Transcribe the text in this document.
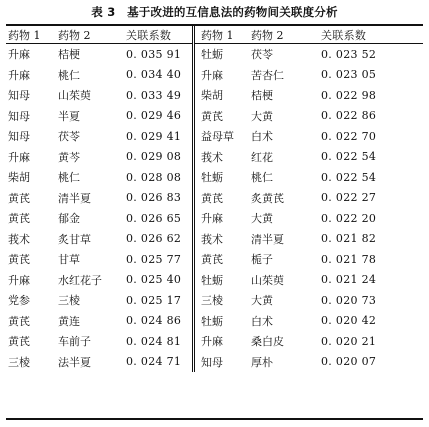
表 3　基于改进的互信息法的药物间关联度分析
药物 1	药物 2	关联系数	药物 1	药物 2	关联系数
升麻	桔梗	0. 035 91	牡蛎	茯苓	0. 023 52
升麻	桃仁	0. 034 40	升麻	苦杏仁	0. 023 05
知母	山茱萸	0. 033 49	柴胡	桔梗	0. 022 98
知母	半夏	0. 029 46	黄芪	大黄	0. 022 86
知母	茯苓	0. 029 41	益母草	白术	0. 022 70
升麻	黄芩	0. 029 08	莪术	红花	0. 022 54
柴胡	桃仁	0. 028 08	牡蛎	桃仁	0. 022 54
黄芪	清半夏	0. 026 83	黄芪	炙黄芪	0. 022 27
黄芪	郁金	0. 026 65	升麻	大黄	0. 022 20
莪术	炙甘草	0. 026 62	莪术	清半夏	0. 021 82
黄芪	甘草	0. 025 77	黄芪	栀子	0. 021 78
升麻	水红花子	0. 025 40	牡蛎	山茱萸	0. 021 24
党参	三棱	0. 025 17	三棱	大黄	0. 020 73
黄芪	黄连	0. 024 86	牡蛎	白术	0. 020 42
黄芪	车前子	0. 024 81	升麻	桑白皮	0. 020 21
三棱	法半夏	0. 024 71	知母	厚朴	0. 020 07
